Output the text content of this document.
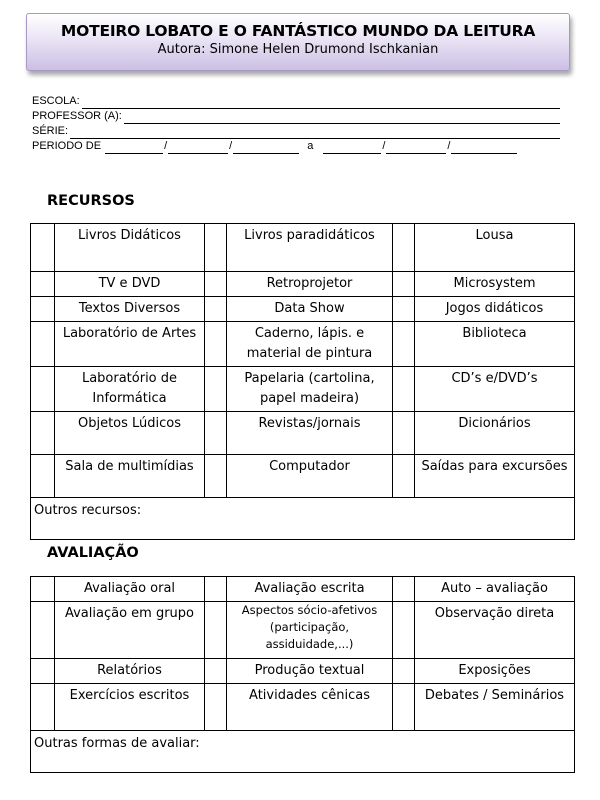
MOTEIRO LOBATO E O FANTÁSTICO MUNDO DA LEITURA
Autora: Simone Helen Drumond Ischkanian
ESCOLA:
PROFESSOR (A):
SÉRIE:
PERIODO DE	/	/	a	/	/
RECURSOS
	Livros Didáticos		Livros paradidáticos		Lousa
	TV e DVD		Retroprojetor		Microsystem
	Textos Diversos		Data Show		Jogos didáticos
	Laboratório de Artes		Caderno, lápis. e material de pintura		Biblioteca
	Laboratório de Informática		Papelaria (cartolina, papel madeira)		CD’s e/DVD’s
	Objetos Lúdicos		Revistas/jornais		Dicionários
	Sala de multimídias		Computador		Saídas para excursões
Outros recursos:					
AVALIAÇÃO
	Avaliação oral		Avaliação escrita		Auto – avaliação
	Avaliação em grupo		Aspectos sócio-afetivos (participação, assiduidade,...)		Observação direta
	Relatórios		Produção textual		Exposições
	Exercícios escritos		Atividades cênicas		Debates / Seminários
Outras formas de avaliar:					
